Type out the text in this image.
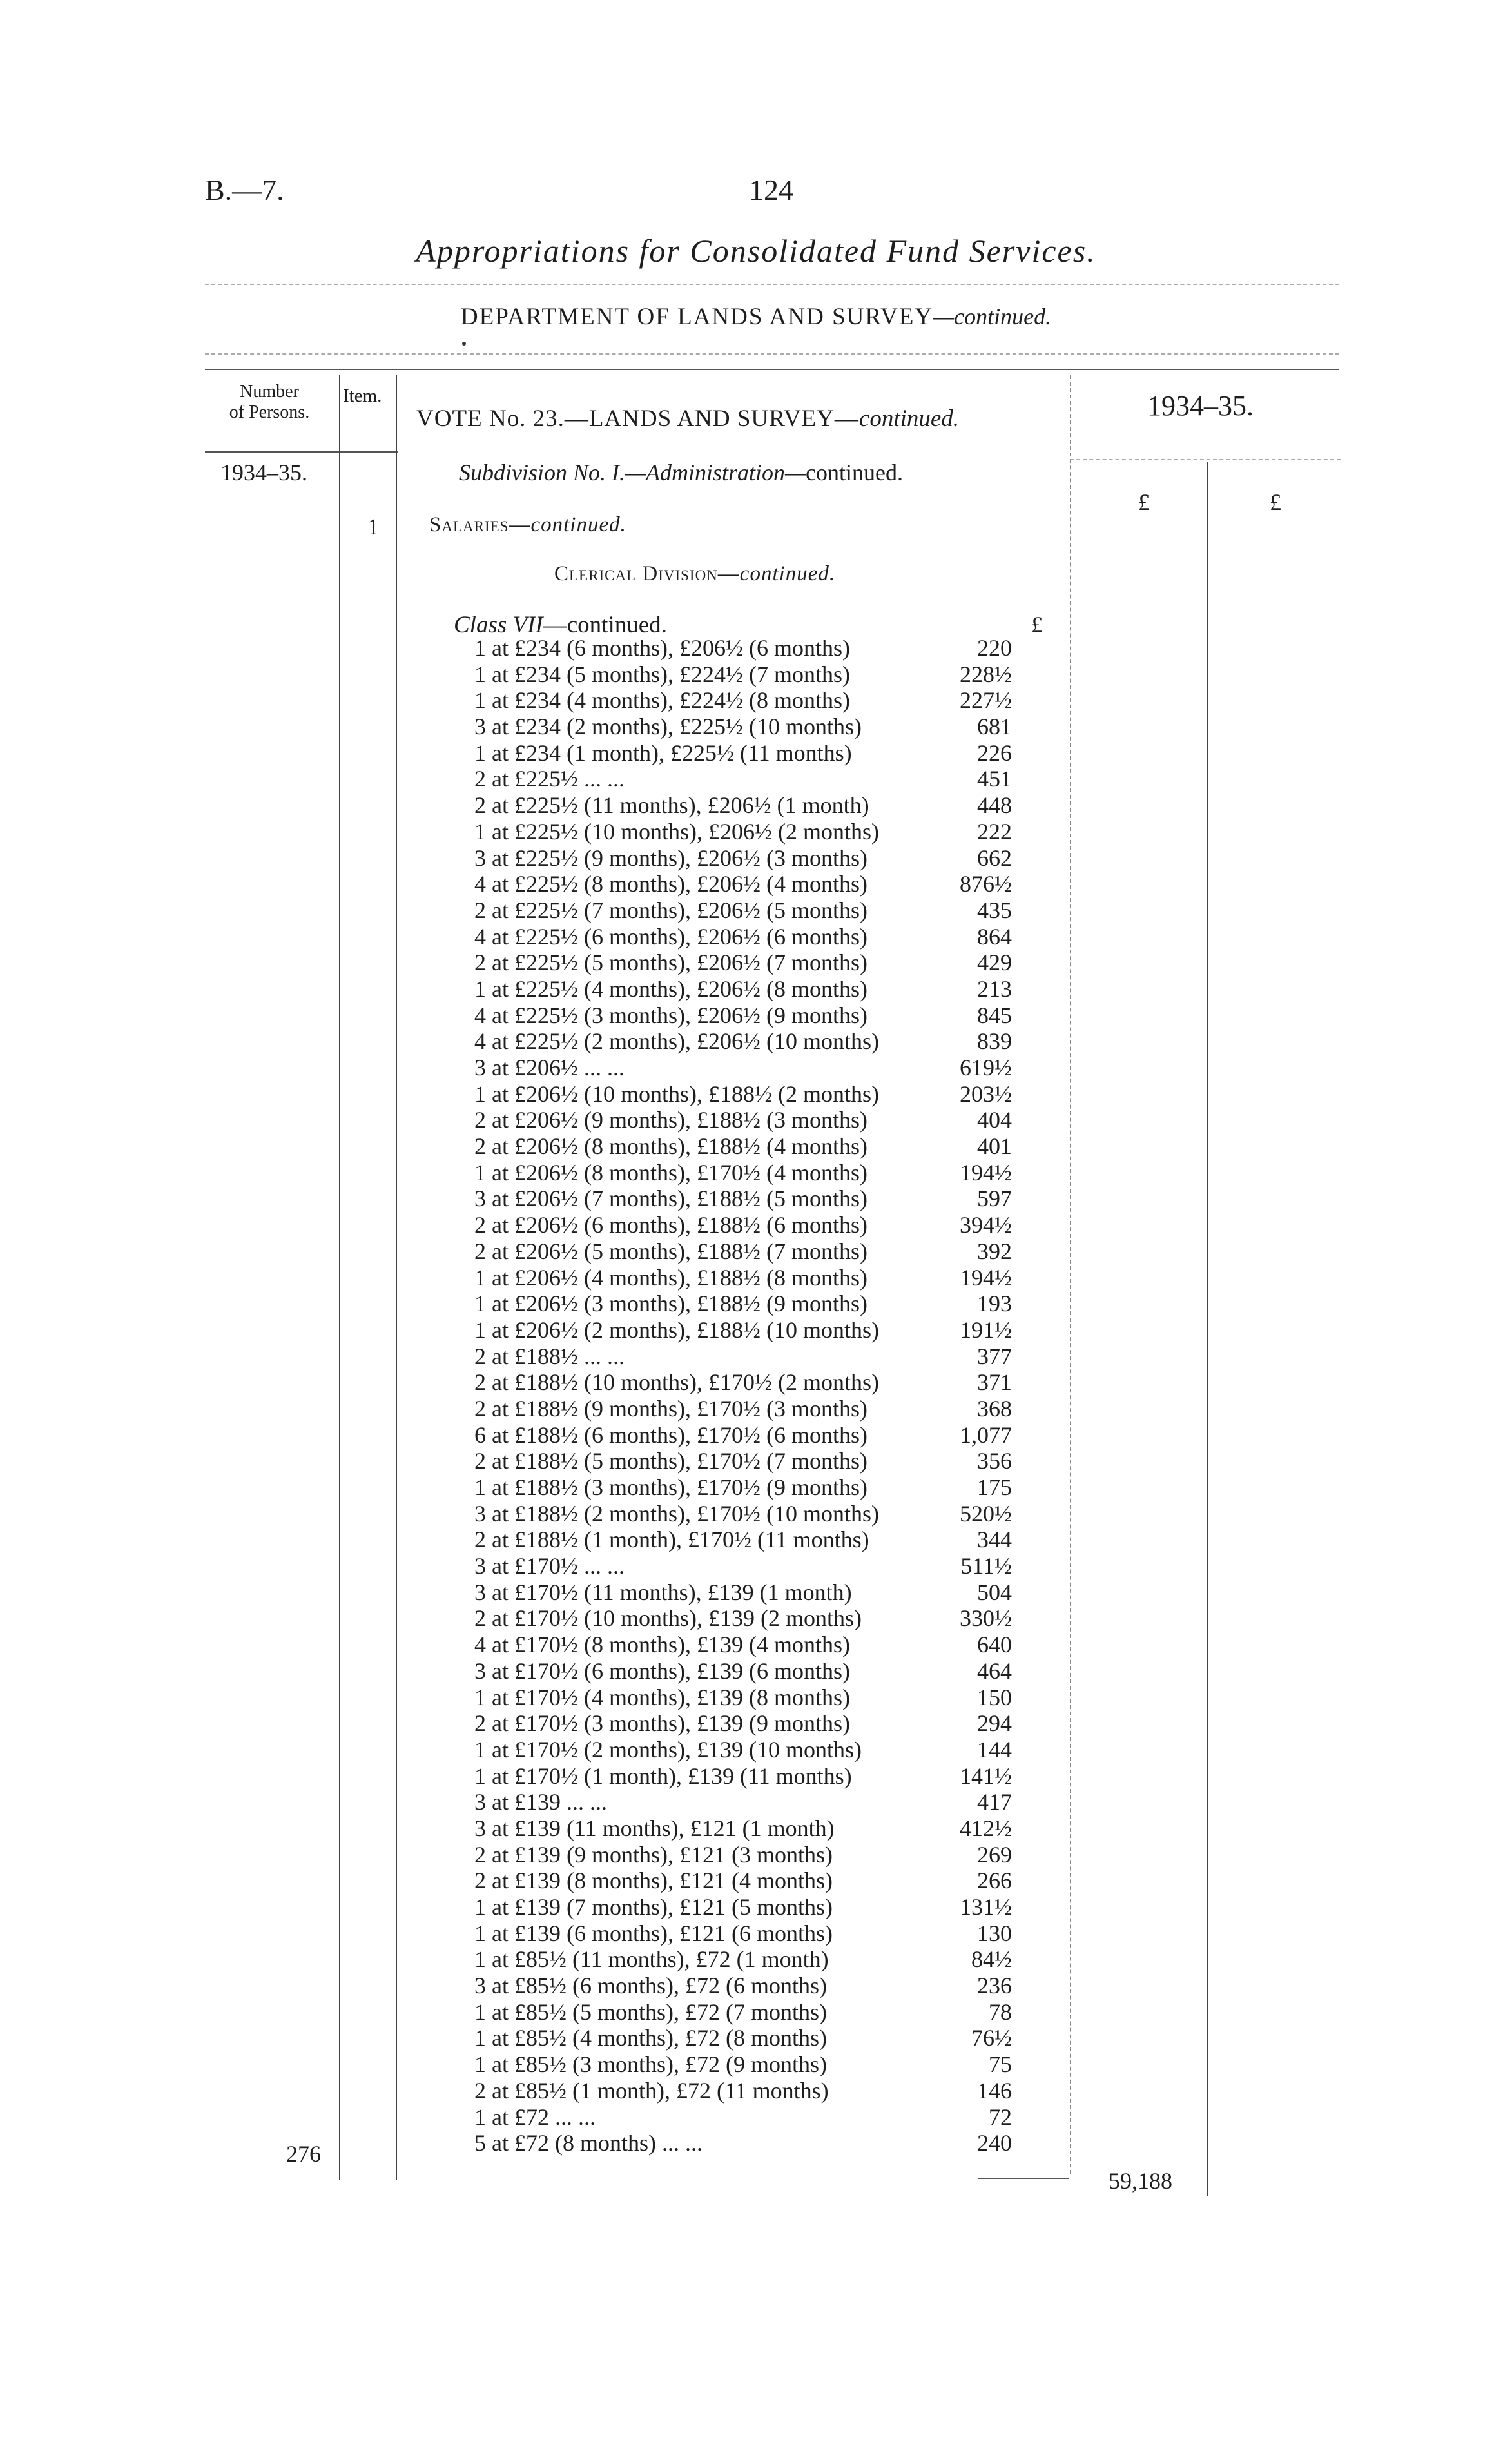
B.—7.	124
Appropriations for Consolidated Fund Services.
DEPARTMENT OF LANDS AND SURVEY—continued.
Number
of Persons.
Item.
VOTE No. 23.—LANDS AND SURVEY—continued.	1934–35.
1934–35.	Subdivision No. I.—Administration—continued.
£	£
1 Salaries—continued.
Clerical Division—continued.
Class VII—continued.	£
1 at £234 (6 months), £206½ (6 months)	220
1 at £234 (5 months), £224½ (7 months)	228½
1 at £234 (4 months), £224½ (8 months)	227½
3 at £234 (2 months), £225½ (10 months)	681
1 at £234 (1 month), £225½ (11 months)	226
2 at £225½ ... ...	451
2 at £225½ (11 months), £206½ (1 month)	448
1 at £225½ (10 months), £206½ (2 months)	222
3 at £225½ (9 months), £206½ (3 months)	662
4 at £225½ (8 months), £206½ (4 months)	876½
2 at £225½ (7 months), £206½ (5 months)	435
4 at £225½ (6 months), £206½ (6 months)	864
2 at £225½ (5 months), £206½ (7 months)	429
1 at £225½ (4 months), £206½ (8 months)	213
4 at £225½ (3 months), £206½ (9 months)	845
4 at £225½ (2 months), £206½ (10 months)	839
3 at £206½ ... ...	619½
1 at £206½ (10 months), £188½ (2 months)	203½
2 at £206½ (9 months), £188½ (3 months)	404
2 at £206½ (8 months), £188½ (4 months)	401
1 at £206½ (8 months), £170½ (4 months)	194½
3 at £206½ (7 months), £188½ (5 months)	597
2 at £206½ (6 months), £188½ (6 months)	394½
2 at £206½ (5 months), £188½ (7 months)	392
1 at £206½ (4 months), £188½ (8 months)	194½
1 at £206½ (3 months), £188½ (9 months)	193
1 at £206½ (2 months), £188½ (10 months)	191½
2 at £188½ ... ...	377
2 at £188½ (10 months), £170½ (2 months)	371
2 at £188½ (9 months), £170½ (3 months)	368
6 at £188½ (6 months), £170½ (6 months)	1,077
2 at £188½ (5 months), £170½ (7 months)	356
1 at £188½ (3 months), £170½ (9 months)	175
3 at £188½ (2 months), £170½ (10 months)	520½
2 at £188½ (1 month), £170½ (11 months)	344
3 at £170½ ... ...	511½
3 at £170½ (11 months), £139 (1 month)	504
2 at £170½ (10 months), £139 (2 months)	330½
4 at £170½ (8 months), £139 (4 months)	640
3 at £170½ (6 months), £139 (6 months)	464
1 at £170½ (4 months), £139 (8 months)	150
2 at £170½ (3 months), £139 (9 months)	294
1 at £170½ (2 months), £139 (10 months)	144
1 at £170½ (1 month), £139 (11 months)	141½
3 at £139 ... ...	417
3 at £139 (11 months), £121 (1 month)	412½
2 at £139 (9 months), £121 (3 months)	269
2 at £139 (8 months), £121 (4 months)	266
1 at £139 (7 months), £121 (5 months)	131½
1 at £139 (6 months), £121 (6 months)	130
1 at £85½ (11 months), £72 (1 month)	84½
3 at £85½ (6 months), £72 (6 months)	236
1 at £85½ (5 months), £72 (7 months)	78
1 at £85½ (4 months), £72 (8 months)	76½
1 at £85½ (3 months), £72 (9 months)	75
2 at £85½ (1 month), £72 (11 months)	146
1 at £72 ... ...	72
5 at £72 (8 months) ... ...	240
276
59,188
